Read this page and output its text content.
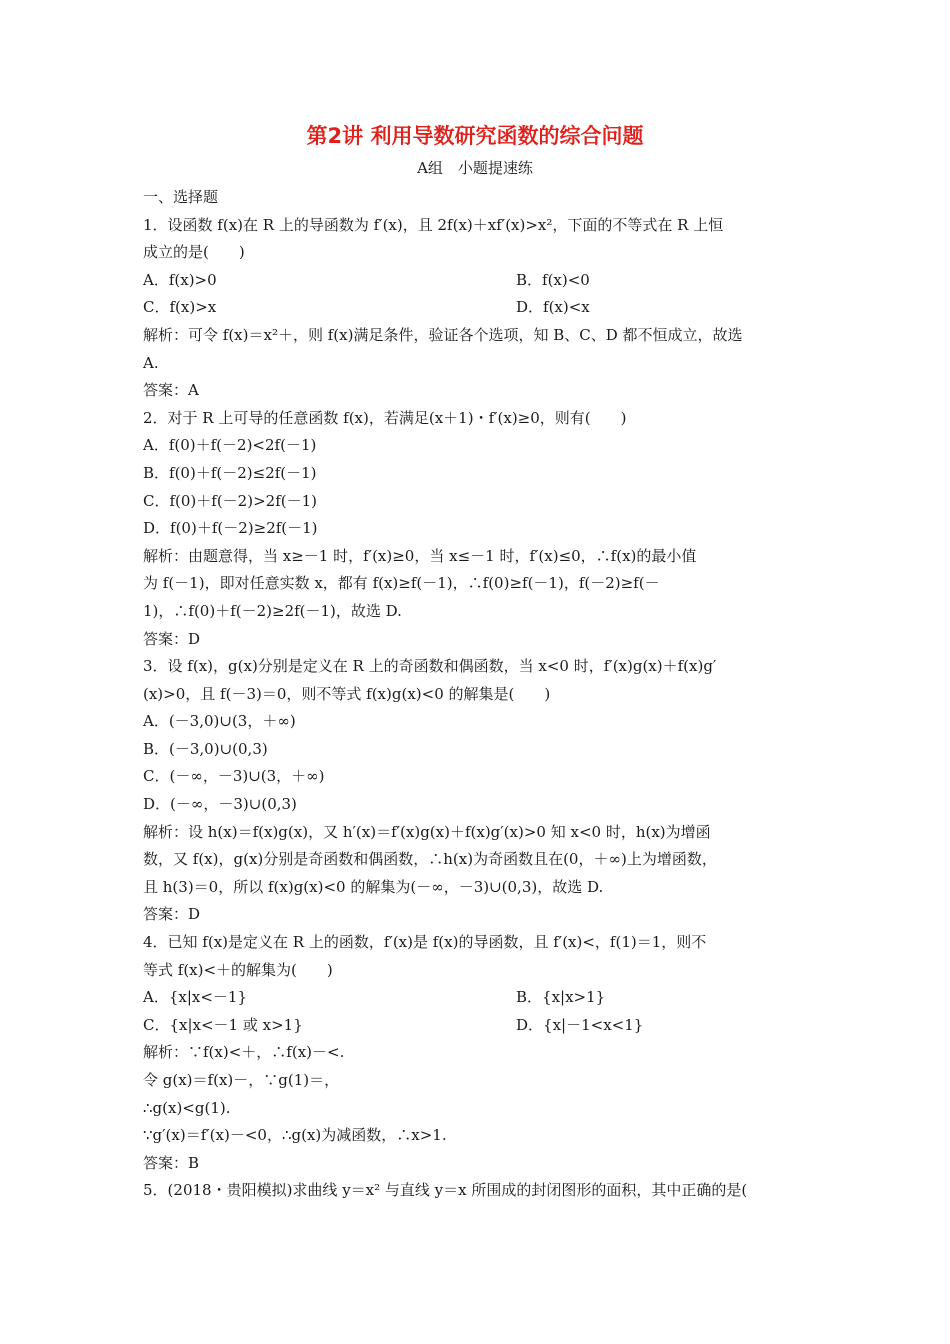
第2讲 利用导数研究函数的综合问题
A组　小题提速练
一、选择题
1．设函数 f(x)在 R 上的导函数为 f′(x)，且 2f(x)＋xf′(x)>x²，下面的不等式在 R 上恒
成立的是(　　)
A．f(x)>0	B．f(x)<0
C．f(x)>x	D．f(x)<x
解析：可令 f(x)＝x²＋，则 f(x)满足条件，验证各个选项，知 B、C、D 都不恒成立，故选
A.
答案：A
2．对于 R 上可导的任意函数 f(x)，若满足(x＋1)・f′(x)≥0，则有(　　)
A．f(0)＋f(－2)<2f(－1)
B．f(0)＋f(－2)≤2f(－1)
C．f(0)＋f(－2)>2f(－1)
D．f(0)＋f(－2)≥2f(－1)
解析：由题意得，当 x≥－1 时，f′(x)≥0，当 x≤－1 时，f′(x)≤0，∴f(x)的最小值
为 f(－1)，即对任意实数 x，都有 f(x)≥f(－1)，∴f(0)≥f(－1)，f(－2)≥f(－
1)，∴f(0)＋f(－2)≥2f(－1)，故选 D.
答案：D
3．设 f(x)，g(x)分别是定义在 R 上的奇函数和偶函数，当 x<0 时，f′(x)g(x)＋f(x)g′
(x)>0，且 f(－3)＝0，则不等式 f(x)g(x)<0 的解集是(　　)
A．(－3,0)∪(3，＋∞)
B．(－3,0)∪(0,3)
C．(－∞，－3)∪(3，＋∞)
D．(－∞，－3)∪(0,3)
解析：设 h(x)＝f(x)g(x)，又 h′(x)＝f′(x)g(x)＋f(x)g′(x)>0 知 x<0 时，h(x)为增函
数，又 f(x)，g(x)分别是奇函数和偶函数，∴h(x)为奇函数且在(0，＋∞)上为增函数，
且 h(3)＝0，所以 f(x)g(x)<0 的解集为(－∞，－3)∪(0,3)，故选 D.
答案：D
4．已知 f(x)是定义在 R 上的函数，f′(x)是 f(x)的导函数，且 f′(x)<，f(1)＝1，则不
等式 f(x)<＋的解集为(　　)
A．{x|x<－1}	B．{x|x>1}
C．{x|x<－1 或 x>1}	D．{x|－1<x<1}
解析：∵f(x)<＋，∴f(x)－<.
令 g(x)＝f(x)－，∵g(1)＝，
∴g(x)<g(1).
∵g′(x)＝f′(x)－<0，∴g(x)为减函数，∴x>1.
答案：B
5．(2018・贵阳模拟)求曲线 y＝x² 与直线 y＝x 所围成的封闭图形的面积，其中正确的是(
